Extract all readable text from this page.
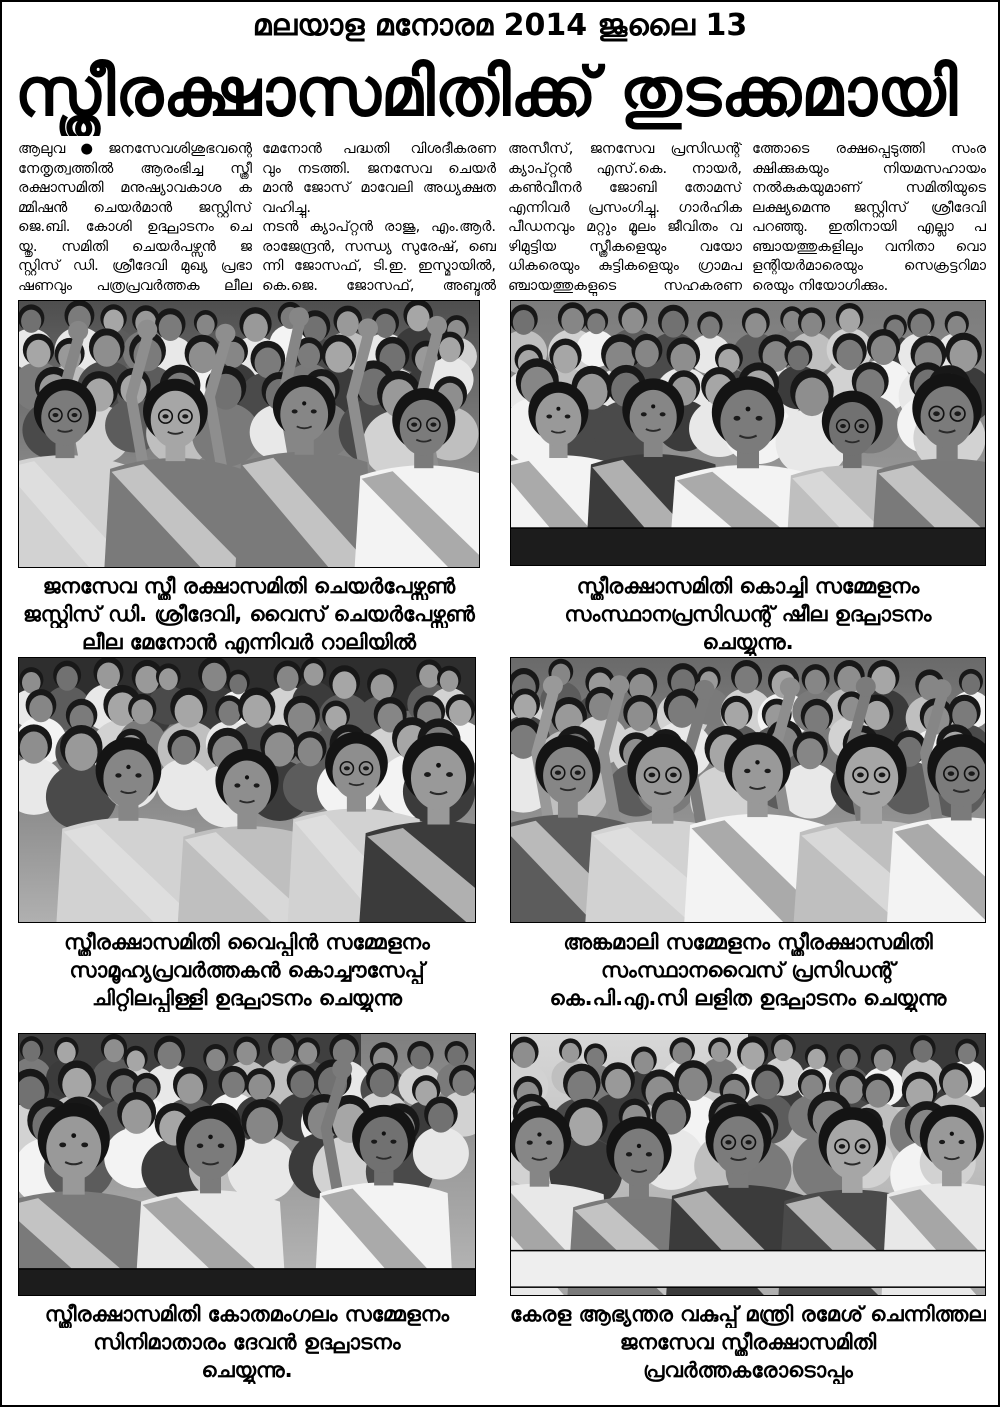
മലയാള മനോരമ 2014 ജൂലൈ 13
സ്ത്രീരക്ഷാസമിതിക്ക് തുടക്കമായി
ആലുവ●ജനസേവശിശുഭവന്റെ
നേതൃത്വത്തിൽ ആരംഭിച്ച സ്ത്രീ
രക്ഷാസമിതി മനുഷ്യാവകാശ ക
മ്മിഷൻ ചെയർമാൻ ജസ്റ്റിസ്
ജെ.ബി. കോശി ഉദ്ഘാടനം ചെ
യ്തു. സമിതി ചെയർപഴ്സൻ ജ
സ്റ്റിസ് ഡി. ശ്രീദേവി മുഖ്യ പ്രഭാ
ഷണവും പത്രപ്രവർത്തക ലീല
മേനോൻ പദ്ധതി വിശദീകരണ
വും നടത്തി. ജനസേവ ചെയർ
മാൻ ജോസ് മാവേലി അധ്യക്ഷത
വഹിച്ചു.
നടൻ ക്യാപ്റ്റൻ രാജു, എം.ആർ.
രാജേന്ദ്രൻ, സന്ധ്യ സുരേഷ്, ബെ
ന്നി ജോസഫ്, ടി.ഇ. ഇസ്മായിൽ,
കെ.ജെ. ജോസഫ്, അബ്ദുൽ
അസീസ്, ജനസേവ പ്രസിഡന്റ്
ക്യാപ്റ്റൻ എസ്.കെ. നായർ,
കൺവീനർ ജോബി തോമസ്
എന്നിവർ പ്രസംഗിച്ചു. ഗാർഹിക
പീഡനവും മറ്റും മൂലം ജീവിതം വ
ഴിമുട്ടിയ സ്ത്രീകളെയും വയോ
ധികരെയും കുട്ടികളെയും ഗ്രാമപ
ഞ്ചായത്തുകളുടെ സഹകരണ
ത്തോടെ രക്ഷപ്പെടുത്തി സംര
ക്ഷിക്കുകയും നിയമസഹായം
നൽകുകയുമാണ് സമിതിയുടെ
ലക്ഷ്യമെന്നു ജസ്റ്റിസ് ശ്രീദേവി
പറഞ്ഞു. ഇതിനായി എല്ലാ പ
ഞ്ചായത്തുകളിലും വനിതാ വൊ
ളന്റിയർമാരെയും സെക്രട്ടറിമാ
രെയും നിയോഗിക്കും.
ജനസേവ സ്ത്രീ രക്ഷാസമിതി ചെയർപേഴ്സൺ
ജസ്റ്റിസ് ഡി. ശ്രീദേവി, വൈസ് ചെയർപേഴ്സൺ
ലീല മേനോൻ എന്നിവർ റാലിയിൽ
സ്ത്രീരക്ഷാസമിതി കൊച്ചി സമ്മേളനം
സംസ്ഥാനപ്രസിഡന്റ് ഷീല ഉദ്ഘാടനം
ചെയ്യുന്നു.
സ്ത്രീരക്ഷാസമിതി വൈപ്പിൻ സമ്മേളനം
സാമൂഹ്യപ്രവർത്തകൻ കൊച്ചൗസേപ്പ്
ചിറ്റിലപ്പിള്ളി ഉദ്ഘാടനം ചെയ്യുന്നു
അങ്കമാലി സമ്മേളനം സ്ത്രീരക്ഷാസമിതി
സംസ്ഥാനവൈസ് പ്രസിഡന്റ്
കെ.പി.എ.സി ലളിത ഉദ്ഘാടനം ചെയ്യുന്നു
സ്ത്രീരക്ഷാസമിതി കോതമംഗലം സമ്മേളനം
സിനിമാതാരം ദേവൻ ഉദ്ഘാടനം
ചെയ്യുന്നു.
കേരള ആഭ്യന്തര വകുപ്പ് മന്ത്രി രമേശ് ചെന്നിത്തല
ജനസേവ സ്ത്രീരക്ഷാസമിതി
പ്രവർത്തകരോടൊപ്പം
